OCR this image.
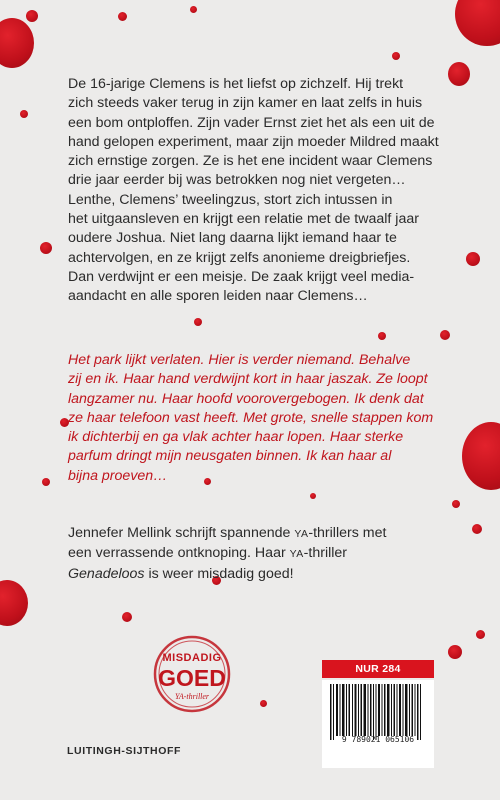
De 16-jarige Clemens is het liefst op zichzelf. Hij trekt

zich steeds vaker terug in zijn kamer en laat zelfs in huis

een bom ontploffen. Zijn vader Ernst ziet het als een uit de

hand gelopen experiment, maar zijn moeder Mildred maakt

zich ernstige zorgen. Ze is het ene incident waar Clemens

drie jaar eerder bij was betrokken nog niet vergeten…

Lenthe, Clemens’ tweelingzus, stort zich intussen in

het uitgaansleven en krijgt een relatie met de twaalf jaar

oudere Joshua. Niet lang daarna lijkt iemand haar te

achtervolgen, en ze krijgt zelfs anonieme dreigbriefjes.

Dan verdwijnt er een meisje. De zaak krijgt veel media-

aandacht en alle sporen leiden naar Clemens…

Het park lijkt verlaten. Hier is verder niemand. Behalve

zij en ik. Haar hand verdwijnt kort in haar jaszak. Ze loopt

langzamer nu. Haar hoofd voorovergebogen. Ik denk dat

ze haar telefoon vast heeft. Met grote, snelle stappen kom

ik dichterbij en ga vlak achter haar lopen. Haar sterke

parfum dringt mijn neusgaten binnen. Ik kan haar al

bijna proeven…

Jennefer Mellink schrijft spannende YA-thrillers met

een verrassende ontknoping. Haar YA-thriller

Genadeloos is weer misdadig goed!

MISDADIG
GOED
YA-thriller
LUITINGH-SIJTHOFF
NUR 284
9 789021 065106
